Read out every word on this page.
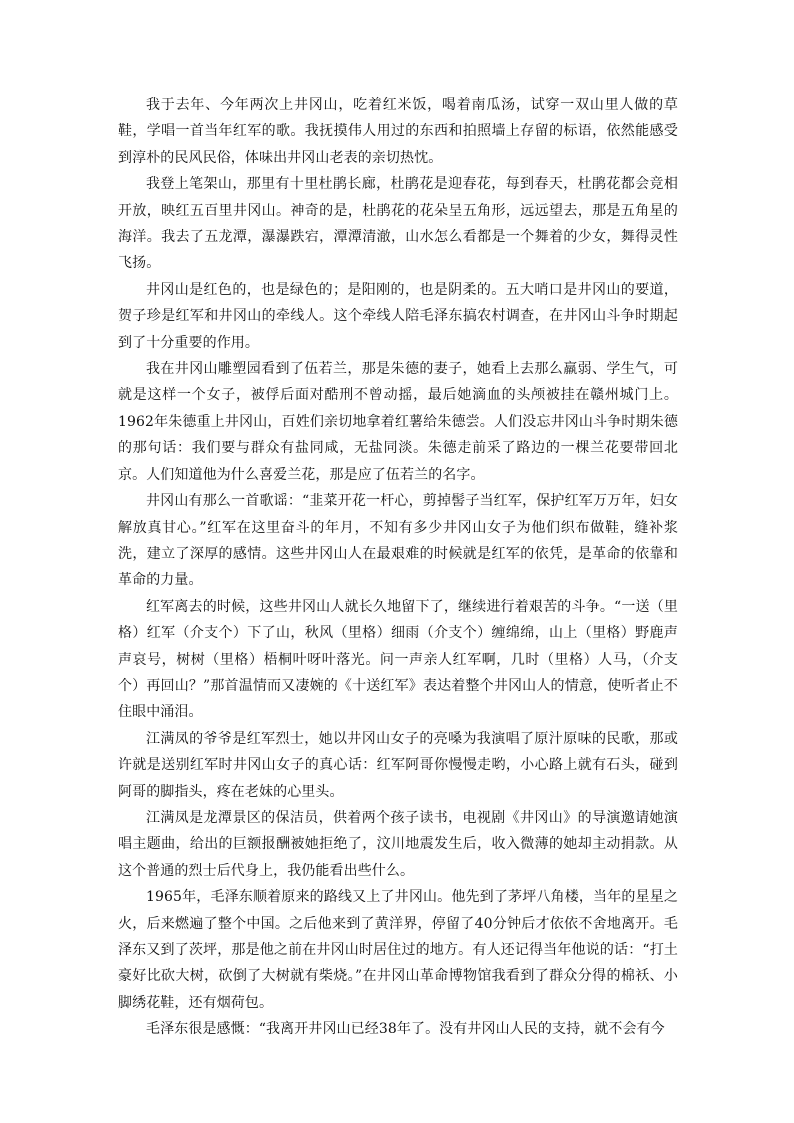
我于去年、今年两次上井冈山，吃着红米饭，喝着南瓜汤，试穿一双山里人做的草鞋，学唱一首当年红军的歌。我抚摸伟人用过的东西和拍照墙上存留的标语，依然能感受到淳朴的民风民俗，体味出井冈山老表的亲切热忱。

我登上笔架山，那里有十里杜鹃长廊，杜鹃花是迎春花，每到春天，杜鹃花都会竞相开放，映红五百里井冈山。神奇的是，杜鹃花的花朵呈五角形，远远望去，那是五角星的海洋。我去了五龙潭，瀑瀑跌宕，潭潭清澈，山水怎么看都是一个舞着的少女，舞得灵性飞扬。

井冈山是红色的，也是绿色的；是阳刚的，也是阴柔的。五大哨口是井冈山的要道，贺子珍是红军和井冈山的牵线人。这个牵线人陪毛泽东搞农村调查，在井冈山斗争时期起到了十分重要的作用。

我在井冈山雕塑园看到了伍若兰，那是朱德的妻子，她看上去那么羸弱、学生气，可就是这样一个女子，被俘后面对酷刑不曾动摇，最后她滴血的头颅被挂在赣州城门上。1962年朱德重上井冈山，百姓们亲切地拿着红薯给朱德尝。人们没忘井冈山斗争时期朱德的那句话：我们要与群众有盐同咸，无盐同淡。朱德走前采了路边的一棵兰花要带回北京。人们知道他为什么喜爱兰花，那是应了伍若兰的名字。

井冈山有那么一首歌谣：“韭菜开花一杆心，剪掉髻子当红军，保护红军万万年，妇女解放真甘心。”红军在这里奋斗的年月，不知有多少井冈山女子为他们织布做鞋，缝补浆洗，建立了深厚的感情。这些井冈山人在最艰难的时候就是红军的依凭，是革命的依靠和革命的力量。

红军离去的时候，这些井冈山人就长久地留下了，继续进行着艰苦的斗争。“一送（里格）红军（介支个）下了山，秋风（里格）细雨（介支个）缠绵绵，山上（里格）野鹿声声哀号，树树（里格）梧桐叶呀叶落光。问一声亲人红军啊，几时（里格）人马，（介支个）再回山？”那首温情而又凄婉的《十送红军》表达着整个井冈山人的情意，使听者止不住眼中涌泪。

江满凤的爷爷是红军烈士，她以井冈山女子的亮嗓为我演唱了原汁原味的民歌，那或许就是送别红军时井冈山女子的真心话：红军阿哥你慢慢走哟，小心路上就有石头，碰到阿哥的脚指头，疼在老妹的心里头。

江满凤是龙潭景区的保洁员，供着两个孩子读书，电视剧《井冈山》的导演邀请她演唱主题曲，给出的巨额报酬被她拒绝了，汶川地震发生后，收入微薄的她却主动捐款。从这个普通的烈士后代身上，我仍能看出些什么。

1965年，毛泽东顺着原来的路线又上了井冈山。他先到了茅坪八角楼，当年的星星之火，后来燃遍了整个中国。之后他来到了黄洋界，停留了40分钟后才依依不舍地离开。毛泽东又到了茨坪，那是他之前在井冈山时居住过的地方。有人还记得当年他说的话：“打土豪好比砍大树，砍倒了大树就有柴烧。”在井冈山革命博物馆我看到了群众分得的棉袄、小脚绣花鞋，还有烟荷包。

毛泽东很是感慨：“我离开井冈山已经38年了。没有井冈山人民的支持，就不会有今
